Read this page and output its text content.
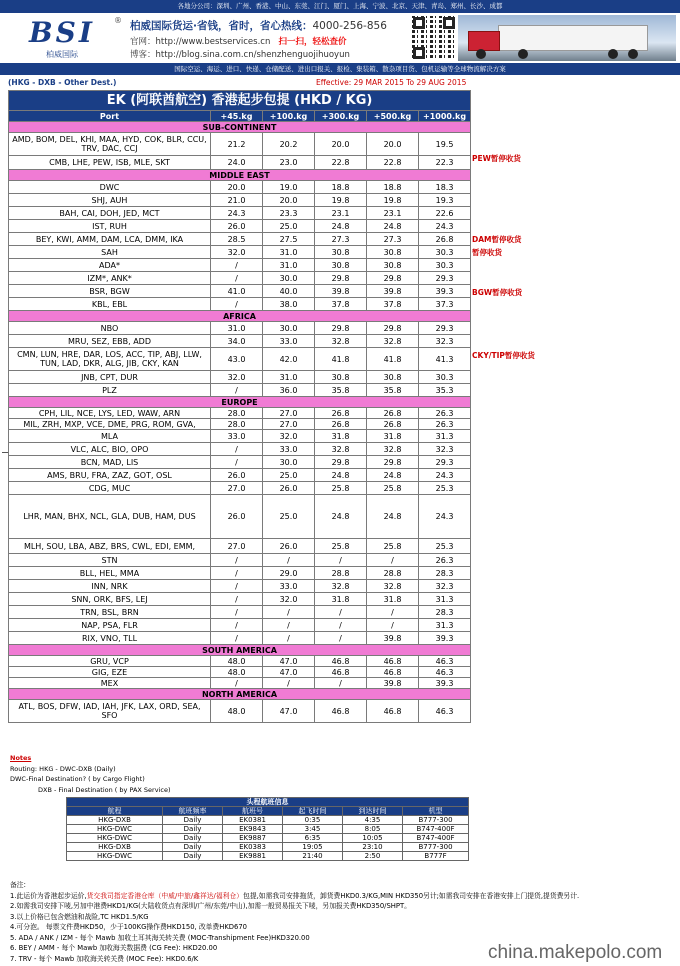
各地分公司：深圳、广州、香港、中山、东莞、江门、厦门、上海、宁波、北京、天津、青岛、郑州、长沙、成都
BSI
柏威国际
® 柏威国际货运·省钱，省时，省心热线：4000-256-856
官网：http://www.bestservices.cn 扫一扫，轻松查价
博客：http://blog.sina.com.cn/shenzhenguojihuoyun
国际空运、海运、进口、快递、仓储配送、进出口报关、报检、集装箱、散杂项目货、包机运输等全球物流解决方案
(HKG - DXB - Other Dest.)	Effective: 29 MAR 2015 To 29 AUG 2015
EK (阿联酋航空) 香港起步包提 (HKD / KG)					
Port	+45.kg	+100.kg	+300.kg	+500.kg	+1000.kg
SUB-CONTINENT					
AMD, BOM, DEL, KHI, MAA, HYD, COK, BLR, CCU, TRV, DAC, CCJ	21.2	20.2	20.0	20.0	19.5
CMB, LHE, PEW, ISB, MLE, SKT	24.0	23.0	22.8	22.8	22.3
MIDDLE EAST					
DWC	20.0	19.0	18.8	18.8	18.3
SHJ, AUH	21.0	20.0	19.8	19.8	19.3
BAH, CAI, DOH, JED, MCT	24.3	23.3	23.1	23.1	22.6
IST, RUH	26.0	25.0	24.8	24.8	24.3
BEY, KWI, AMM, DAM, LCA, DMM, IKA	28.5	27.5	27.3	27.3	26.8
SAH	32.0	31.0	30.8	30.8	30.3
ADA*	/	31.0	30.8	30.8	30.3
IZM*, ANK*	/	30.0	29.8	29.8	29.3
BSR, BGW	41.0	40.0	39.8	39.8	39.3
KBL, EBL	/	38.0	37.8	37.8	37.3
AFRICA					
NBO	31.0	30.0	29.8	29.8	29.3
MRU, SEZ, EBB, ADD	34.0	33.0	32.8	32.8	32.3
CMN, LUN, HRE, DAR, LOS, ACC, TIP, ABJ, LLW, TUN, LAD, DKR, ALG, JIB, CKY, KAN	43.0	42.0	41.8	41.8	41.3
JNB, CPT, DUR	32.0	31.0	30.8	30.8	30.3
PLZ	/	36.0	35.8	35.8	35.3
EUROPE					
CPH, LIL, NCE, LYS, LED, WAW, ARN	28.0	27.0	26.8	26.8	26.3
MIL, ZRH, MXP, VCE, DME, PRG, ROM, GVA,	28.0	27.0	26.8	26.8	26.3
MLA	33.0	32.0	31.8	31.8	31.3
VLC, ALC, BIO, OPO	/	33.0	32.8	32.8	32.3
BCN, MAD, LIS	/	30.0	29.8	29.8	29.3
AMS, BRU, FRA, ZAZ, GOT, OSL	26.0	25.0	24.8	24.8	24.3
CDG, MUC	27.0	26.0	25.8	25.8	25.3
LHR, MAN, BHX, NCL, GLA, DUB, HAM, DUS	26.0	25.0	24.8	24.8	24.3
MLH, SOU, LBA, ABZ, BRS, CWL, EDI, EMM,	27.0	26.0	25.8	25.8	25.3
STN	/	/	/	/	26.3
BLL, HEL, MMA	/	29.0	28.8	28.8	28.3
INN, NRK	/	33.0	32.8	32.8	32.3
SNN, ORK, BFS, LEJ	/	32.0	31.8	31.8	31.3
TRN, BSL, BRN	/	/	/	/	28.3
NAP, PSA, FLR	/	/	/	/	31.3
RIX, VNO, TLL	/	/	/	39.8	39.3
SOUTH AMERICA					
GRU, VCP	48.0	47.0	46.8	46.8	46.3
GIG, EZE	48.0	47.0	46.8	46.8	46.3
MEX	/	/	/	39.8	39.3
NORTH AMERICA					
ATL, BOS, DFW, IAD, IAH, JFK, LAX, ORD, SEA, SFO	48.0	47.0	46.8	46.8	46.3
PEW暂停收货
DAM暂停收货
暂停收货
BGW暂停收货
CKY/TIP暂停收货
Notes
Routing: HKG - DWC-DXB (Daily)
DWC-Final Destination? ( by Cargo Flight)
DXB - Final Destination ( by PAX Service)
头程航班信息					
航程	航班频率	航班号	起飞时间	到达时间	机型
HKG-DXB	Daily	EK0381	0:35	4:35	B777-300
HKG-DWC	Daily	EK9843	3:45	8:05	B747-400F
HKG-DWC	Daily	EK9887	6:35	10:05	B747-400F
HKG-DXB	Daily	EK0383	19:05	23:10	B777-300
HKG-DWC	Daily	EK9881	21:40	2:50	B777F
备注:
1.此运价为香港起步运价,货交我司指定香港仓库（中威/中旅/鑫祥达/福利仓）包提,如需我司安排拖货，卸货费HKD0.3/KG,MIN HKD350另计;如需我司安排在香港安排上门提货,提货费另计.
2.如需我司安排下唛,另加中港费HKD1/KG(大陆收货点有深圳/广州/东莞/中山),加需一般贸易报关下唛，另加报关费HKD350/SHPT。
3.以上价格已包含燃油和战险,TC HKD1.5/KG
4.可分泡。 每票文件费HKD50，少于100KG操作费HKD150, 改单费HKD670
5. ADA / ANK / IZM - 每个 Mawb 加收土耳其海关转关费 (MOC-Transhipment Fee)HKD320.00
6. BEY / AMM - 每个 Mawb 加收海关数据费 (CG Fee): HKD20.00
7. TRV - 每个 Mawb 加收海关转关费 (MOC Fee): HKD0.6/K	china.makepolo.com
